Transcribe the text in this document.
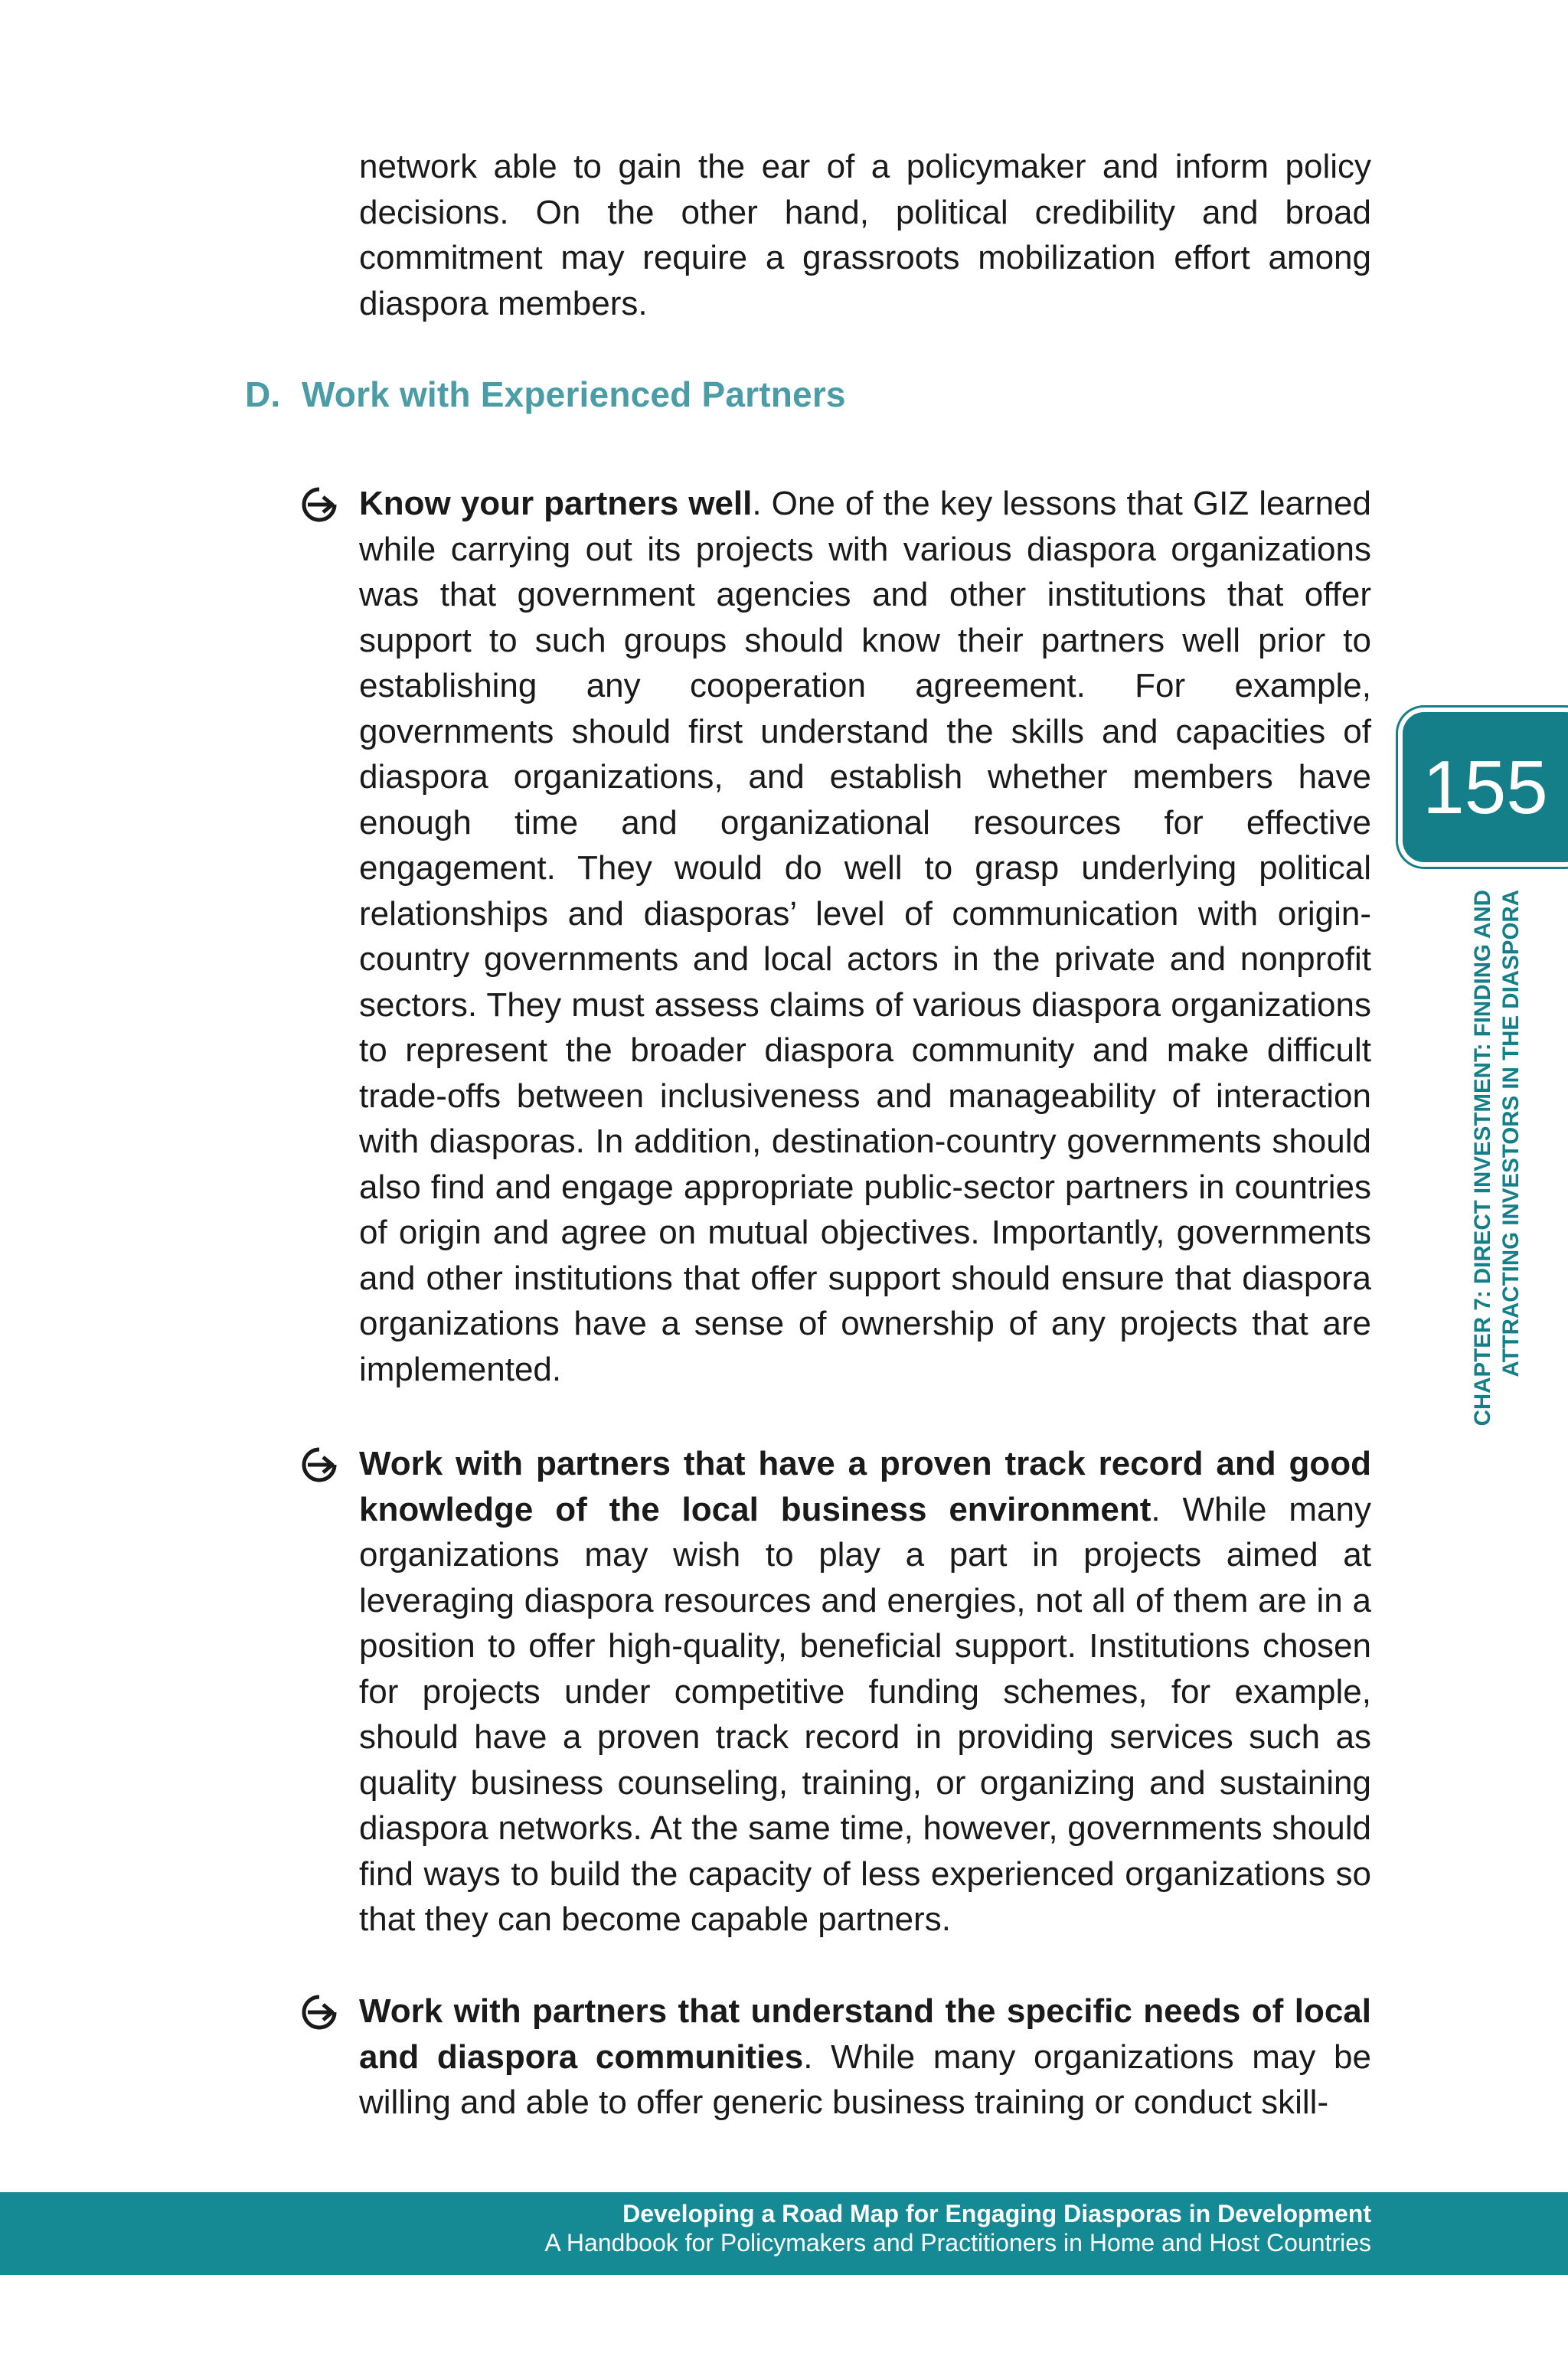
network able to gain the ear of a policymaker and inform policy decisions. On the other hand, political credibility and broad commitment may require a grassroots mobilization effort among diaspora members.

D. Work with Experienced Partners
Know your partners well. One of the key lessons that GIZ learned while carrying out its projects with various diaspora organizations was that government agencies and other institutions that offer support to such groups should know their partners well prior to establishing any cooperation agreement. For example, governments should first understand the skills and capacities of diaspora organizations, and establish whether members have enough time and organizational resources for effective engagement. They would do well to grasp underlying political relationships and diasporas’ level of communication with origin-country governments and local actors in the private and nonprofit sectors. They must assess claims of various diaspora organizations to represent the broader diaspora community and make difficult trade-offs between inclusiveness and manageability of interaction with diasporas. In addition, destination-country governments should also find and engage appropriate public-sector partners in countries of origin and agree on mutual objectives. Importantly, governments and other institutions that offer support should ensure that diaspora organizations have a sense of ownership of any projects that are implemented.
Work with partners that have a proven track record and good knowledge of the local business environment. While many organizations may wish to play a part in projects aimed at leveraging diaspora resources and energies, not all of them are in a position to offer high-quality, beneficial support. Institutions chosen for projects under competitive funding schemes, for example, should have a proven track record in providing services such as quality business counseling, training, or organizing and sustaining diaspora networks. At the same time, however, governments should find ways to build the capacity of less experienced organizations so that they can become capable partners.
Work with partners that understand the specific needs of local and diaspora communities. While many organizations may be willing and able to offer generic business training or conduct skill-
155
CHAPTER 7: DIRECT INVESTMENT: FINDING AND ATTRACTING INVESTORS IN THE DIASPORA
Developing a Road Map for Engaging Diasporas in Development
A Handbook for Policymakers and Practitioners in Home and Host Countries
